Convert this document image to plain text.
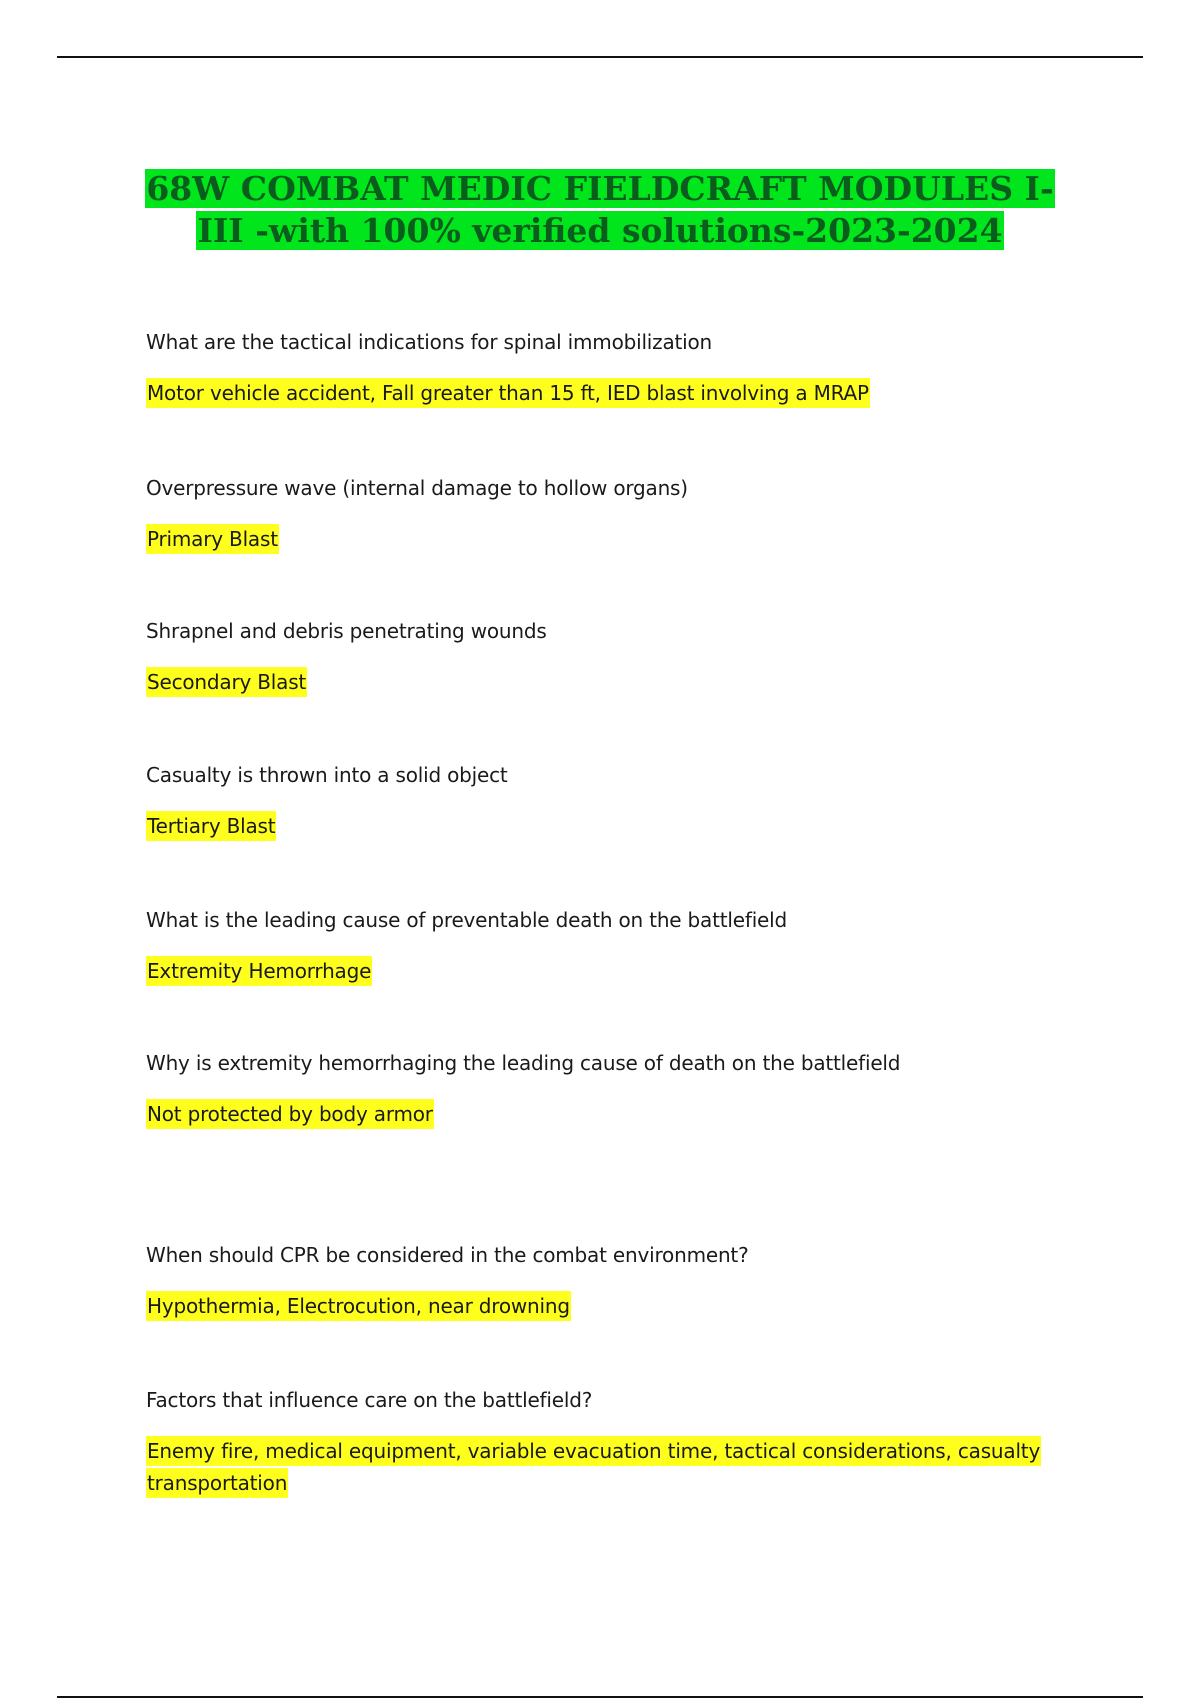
68W COMBAT MEDIC FIELDCRAFT MODULES I-III -with 100% verified solutions-2023-2024

What are the tactical indications for spinal immobilization

Motor vehicle accident, Fall greater than 15 ft, IED blast involving a MRAP

Overpressure wave (internal damage to hollow organs)

Primary Blast

Shrapnel and debris penetrating wounds

Secondary Blast

Casualty is thrown into a solid object

Tertiary Blast

What is the leading cause of preventable death on the battlefield

Extremity Hemorrhage

Why is extremity hemorrhaging the leading cause of death on the battlefield

Not protected by body armor

When should CPR be considered in the combat environment?

Hypothermia, Electrocution, near drowning

Factors that influence care on the battlefield?

Enemy fire, medical equipment, variable evacuation time, tactical considerations, casualty transportation
